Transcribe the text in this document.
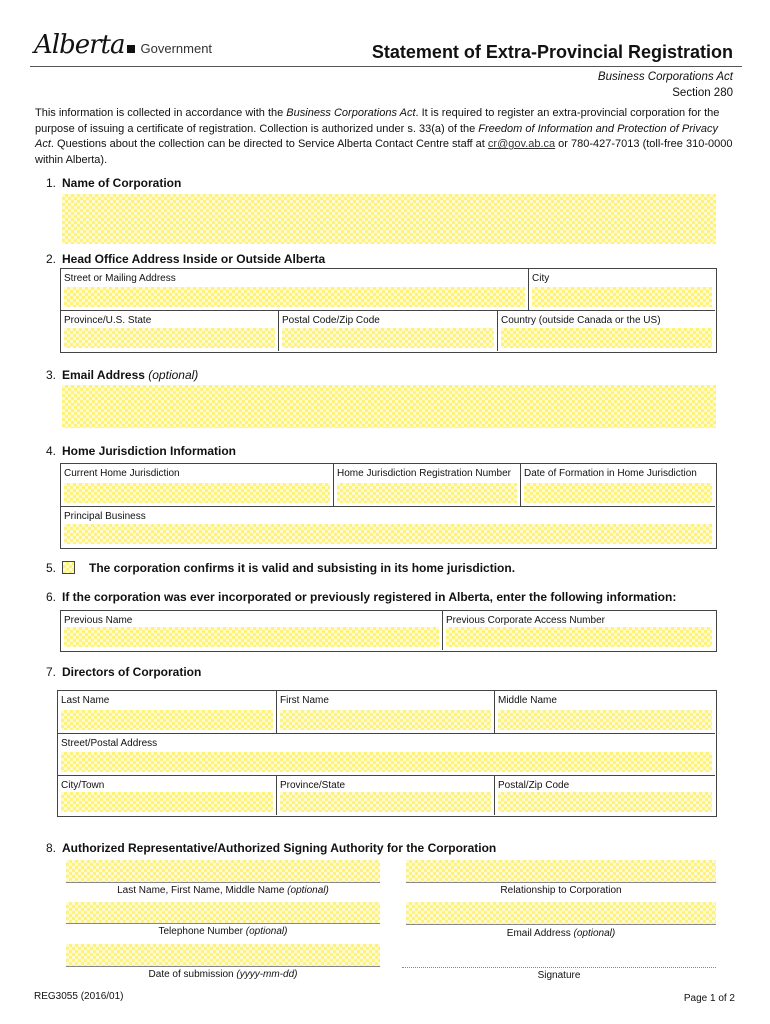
Alberta Government	Statement of Extra-Provincial Registration
Business Corporations Act
Section 280
This information is collected in accordance with the Business Corporations Act. It is required to register an extra-provincial corporation for the purpose of issuing a certificate of registration. Collection is authorized under s. 33(a) of the Freedom of Information and Protection of Privacy Act. Questions about the collection can be directed to Service Alberta Contact Centre staff at cr@gov.ab.ca or 780-427-7013 (toll-free 310-0000 within Alberta).
1. Name of Corporation
2. Head Office Address Inside or Outside Alberta
Street or Mailing Address	City
Province/U.S. State	Postal Code/Zip Code	Country (outside Canada or the US)
3. Email Address (optional)
4. Home Jurisdiction Information
Current Home Jurisdiction	Home Jurisdiction Registration Number	Date of Formation in Home Jurisdiction
Principal Business
5.	The corporation confirms it is valid and subsisting in its home jurisdiction.
6. If the corporation was ever incorporated or previously registered in Alberta, enter the following information:
Previous Name	Previous Corporate Access Number
7. Directors of Corporation
Last Name	First Name	Middle Name
Street/Postal Address
City/Town	Province/State	Postal/Zip Code
8. Authorized Representative/Authorized Signing Authority for the Corporation
Last Name, First Name, Middle Name (optional)	Relationship to Corporation
Telephone Number (optional)	Email Address (optional)
Date of submission (yyyy-mm-dd)	Signature
REG3055 (2016/01)	Page 1 of 2
